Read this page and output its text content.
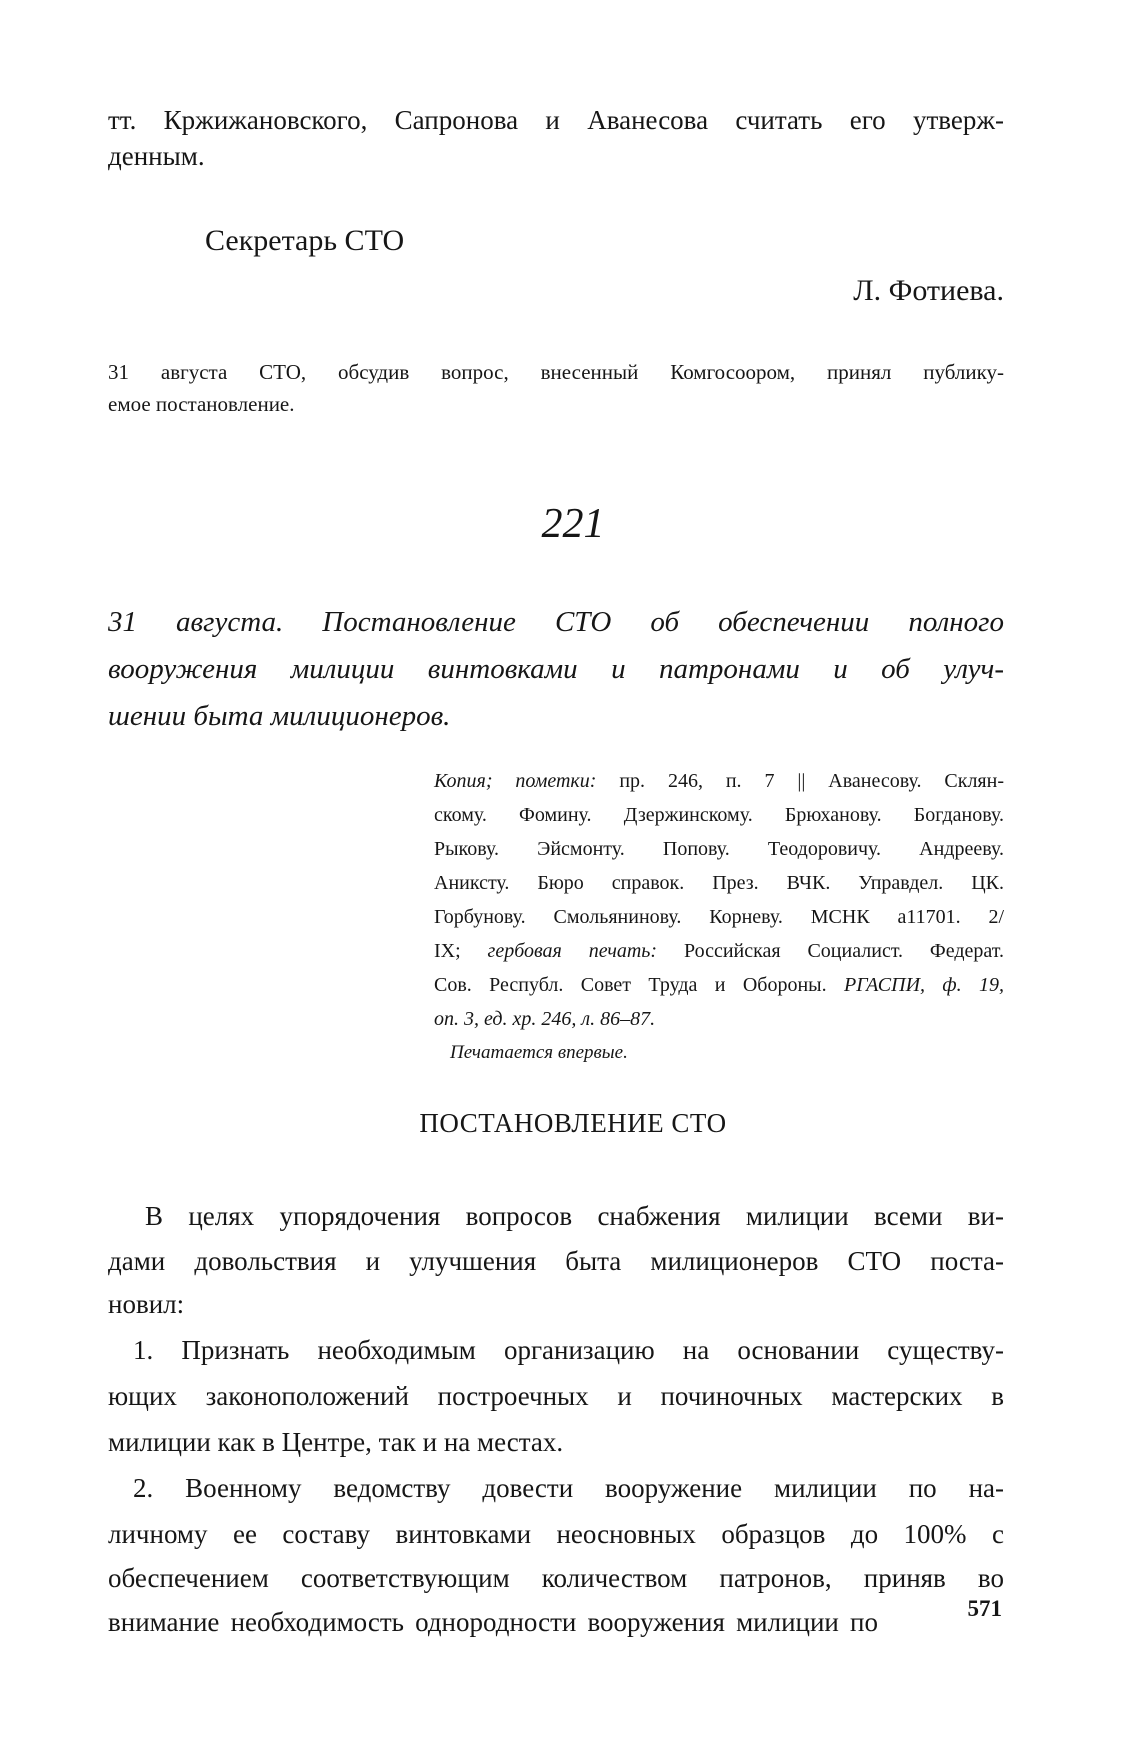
тт. Кржижановского, Сапронова и Аванесова считать его утверж-
денным.
Секретарь СТО
Л. Фотиева.
31 августа СТО, обсудив вопрос, внесенный Комгосоором, принял публику-
емое постановление.
221
31 августа. Постановление СТО об обеспечении полного
вооружения милиции винтовками и патронами и об улуч-
шении быта милиционеров.
Копия; пометки: пр. 246, п. 7 || Аванесову. Склян-
скому. Фомину. Дзержинскому. Брюханову. Богданову.
Рыкову. Эйсмонту. Попову. Теодоровичу. Андрееву.
Аниксту. Бюро справок. През. ВЧК. Управдел. ЦК.
Горбунову. Смольянинову. Корневу. МСНК а11701. 2/
IX; гербовая печать: Российская Социалист. Федерат.
Сов. Республ. Совет Труда и Обороны. РГАСПИ, ф. 19,
оп. 3, ед. хр. 246, л. 86–87.
Печатается впервые.
ПОСТАНОВЛЕНИЕ СТО
В целях упорядочения вопросов снабжения милиции всеми ви-
дами довольствия и улучшения быта милиционеров СТО поста-
новил:
1. Признать необходимым организацию на основании существу-
ющих законоположений построечных и починочных мастерских в
милиции как в Центре, так и на местах.
2. Военному ведомству довести вооружение милиции по на-
личному ее составу винтовками неосновных образцов до 100% с
обеспечением соответствующим количеством патронов, приняв во
внимание необходимость однородности вооружения милиции по	571
